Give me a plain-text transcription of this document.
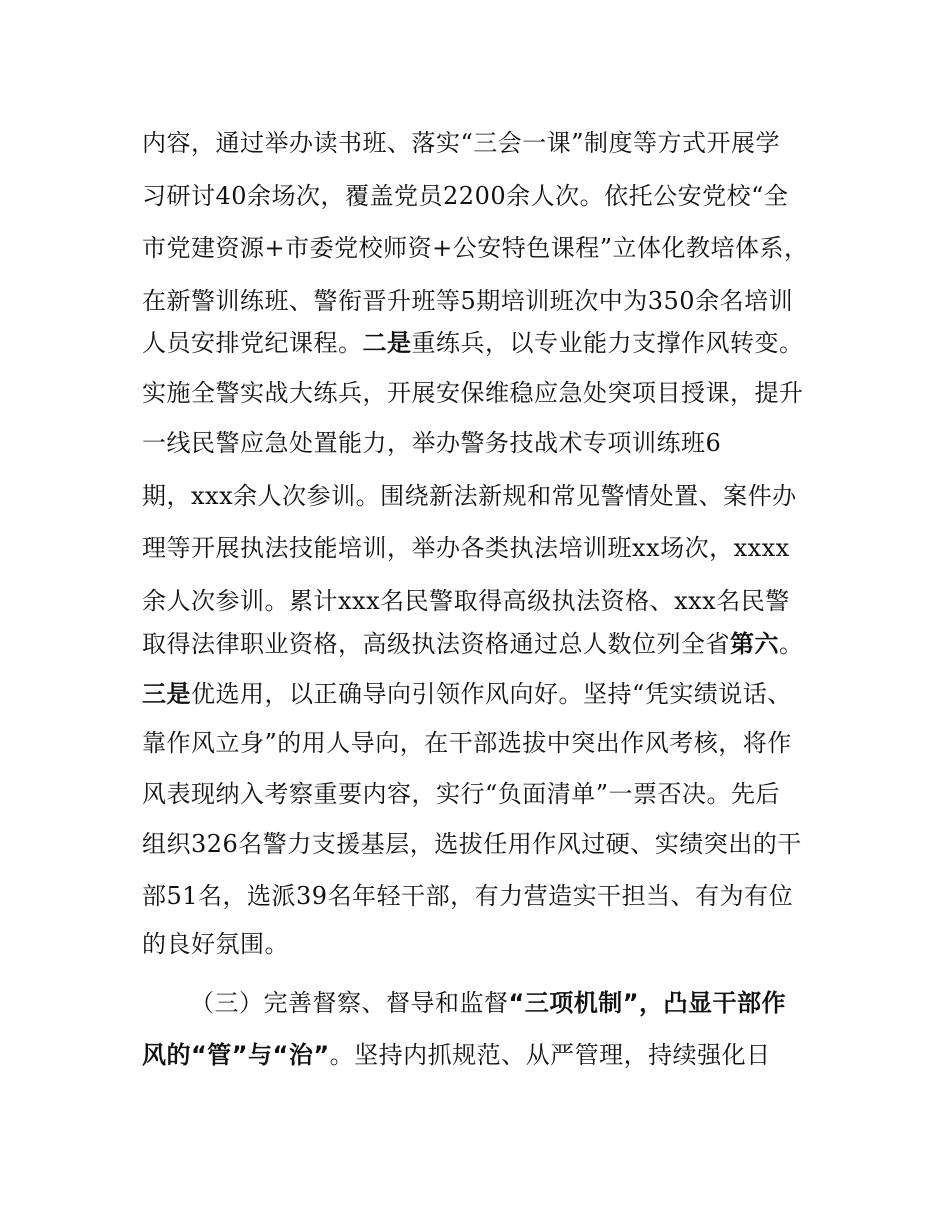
内容，通过举办读书班、落实“三会一课”制度等方式开展学
习研讨40余场次，覆盖党员2200余人次。依托公安党校“全
市党建资源+市委党校师资+公安特色课程”立体化教培体系，
在新警训练班、警衔晋升班等5期培训班次中为350余名培训
人员安排党纪课程。二是重练兵，以专业能力支撑作风转变。
实施全警实战大练兵，开展安保维稳应急处突项目授课，提升
一线民警应急处置能力，举办警务技战术专项训练班6
期，xxx余人次参训。围绕新法新规和常见警情处置、案件办
理等开展执法技能培训，举办各类执法培训班xx场次，xxxx
余人次参训。累计xxx名民警取得高级执法资格、xxx名民警
取得法律职业资格，高级执法资格通过总人数位列全省第六。
三是优选用，以正确导向引领作风向好。坚持“凭实绩说话、
靠作风立身”的用人导向，在干部选拔中突出作风考核，将作
风表现纳入考察重要内容，实行“负面清单”一票否决。先后
组织326名警力支援基层，选拔任用作风过硬、实绩突出的干
部51名，选派39名年轻干部，有力营造实干担当、有为有位
的良好氛围。
（三）完善督察、督导和监督“三项机制”，凸显干部作
风的“管”与“治”。坚持内抓规范、从严管理，持续强化日
